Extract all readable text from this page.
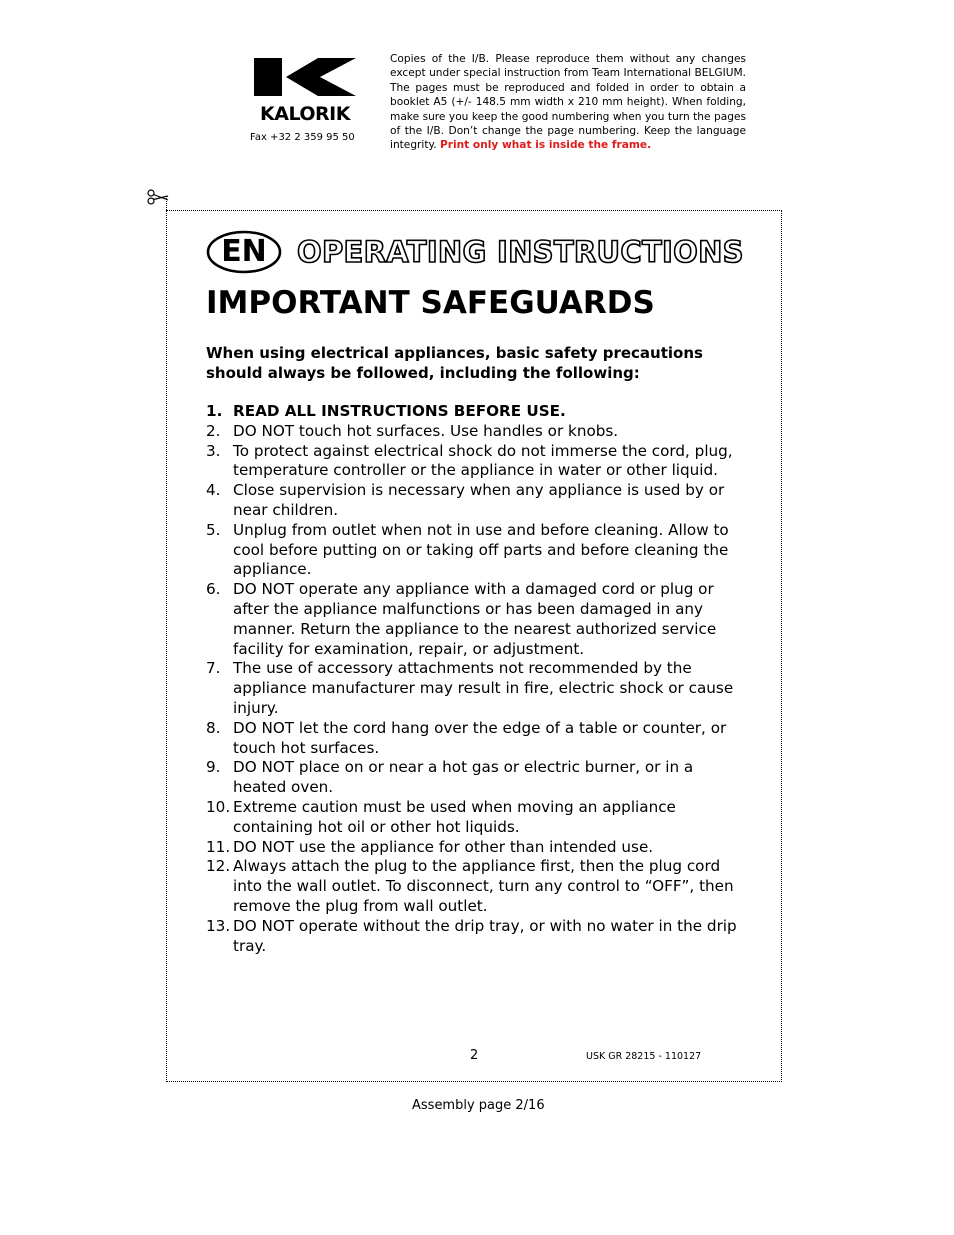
KALORIK
Fax +32 2 359 95 50
Copies of the I/B. Please reproduce them without any changes except under special instruction from Team International BELGIUM. The pages must be reproduced and folded in order to obtain a booklet A5 (+/- 148.5 mm width x 210 mm height). When folding, make sure you keep the good numbering when you turn the pages of the I/B. Don’t change the page numbering. Keep the language integrity. Print only what is inside the frame.
EN	OPERATING INSTRUCTIONS
IMPORTANT SAFEGUARDS
When using electrical appliances, basic safety precautions should always be followed, including the following:
1. READ ALL INSTRUCTIONS BEFORE USE.
2. DO NOT touch hot surfaces. Use handles or knobs.
3. To protect against electrical shock do not immerse the cord, plug, temperature controller or the appliance in water or other liquid.
4. Close supervision is necessary when any appliance is used by or near children.
5. Unplug from outlet when not in use and before cleaning. Allow to cool before putting on or taking off parts and before cleaning the appliance.
6. DO NOT operate any appliance with a damaged cord or plug or after the appliance malfunctions or has been damaged in any manner. Return the appliance to the nearest authorized service facility for examination, repair, or adjustment.
7. The use of accessory attachments not recommended by the appliance manufacturer may result in fire, electric shock or cause injury.
8. DO NOT let the cord hang over the edge of a table or counter, or touch hot surfaces.
9. DO NOT place on or near a hot gas or electric burner, or in a heated oven.
10. Extreme caution must be used when moving an appliance containing hot oil or other hot liquids.
11. DO NOT use the appliance for other than intended use.
12. Always attach the plug to the appliance first, then the plug cord into the wall outlet. To disconnect, turn any control to “OFF”, then remove the plug from wall outlet.
13. DO NOT operate without the drip tray, or with no water in the drip tray.
2	USK GR 28215 - 110127
Assembly page 2/16
